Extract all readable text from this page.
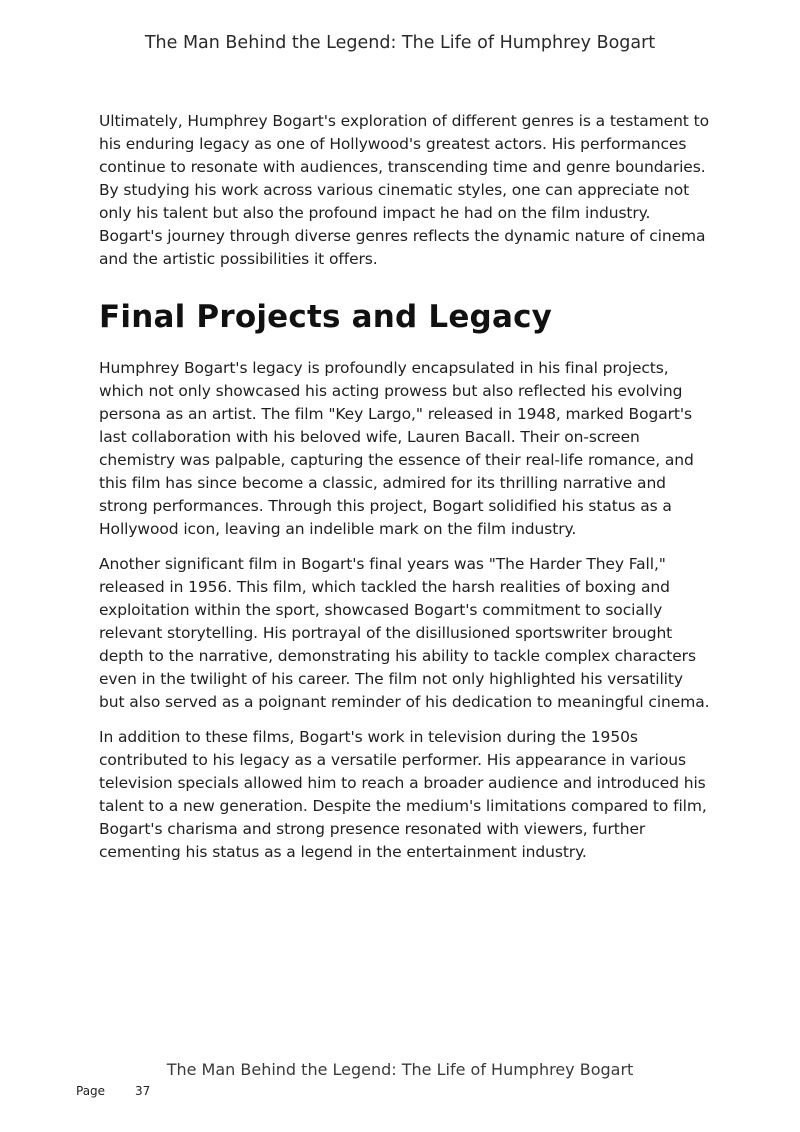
The Man Behind the Legend: The Life of Humphrey Bogart

Ultimately, Humphrey Bogart's exploration of different genres is a testament to his enduring legacy as one of Hollywood's greatest actors. His performances continue to resonate with audiences, transcending time and genre boundaries. By studying his work across various cinematic styles, one can appreciate not only his talent but also the profound impact he had on the film industry. Bogart's journey through diverse genres reflects the dynamic nature of cinema and the artistic possibilities it offers.

Final Projects and Legacy

Humphrey Bogart's legacy is profoundly encapsulated in his final projects, which not only showcased his acting prowess but also reflected his evolving persona as an artist. The film "Key Largo," released in 1948, marked Bogart's last collaboration with his beloved wife, Lauren Bacall. Their on-screen chemistry was palpable, capturing the essence of their real-life romance, and this film has since become a classic, admired for its thrilling narrative and strong performances. Through this project, Bogart solidified his status as a Hollywood icon, leaving an indelible mark on the film industry.

Another significant film in Bogart's final years was "The Harder They Fall," released in 1956. This film, which tackled the harsh realities of boxing and exploitation within the sport, showcased Bogart's commitment to socially relevant storytelling. His portrayal of the disillusioned sportswriter brought depth to the narrative, demonstrating his ability to tackle complex characters even in the twilight of his career. The film not only highlighted his versatility but also served as a poignant reminder of his dedication to meaningful cinema.

In addition to these films, Bogart's work in television during the 1950s contributed to his legacy as a versatile performer. His appearance in various television specials allowed him to reach a broader audience and introduced his talent to a new generation. Despite the medium's limitations compared to film, Bogart's charisma and strong presence resonated with viewers, further cementing his status as a legend in the entertainment industry.

The Man Behind the Legend: The Life of Humphrey Bogart
Page 37
